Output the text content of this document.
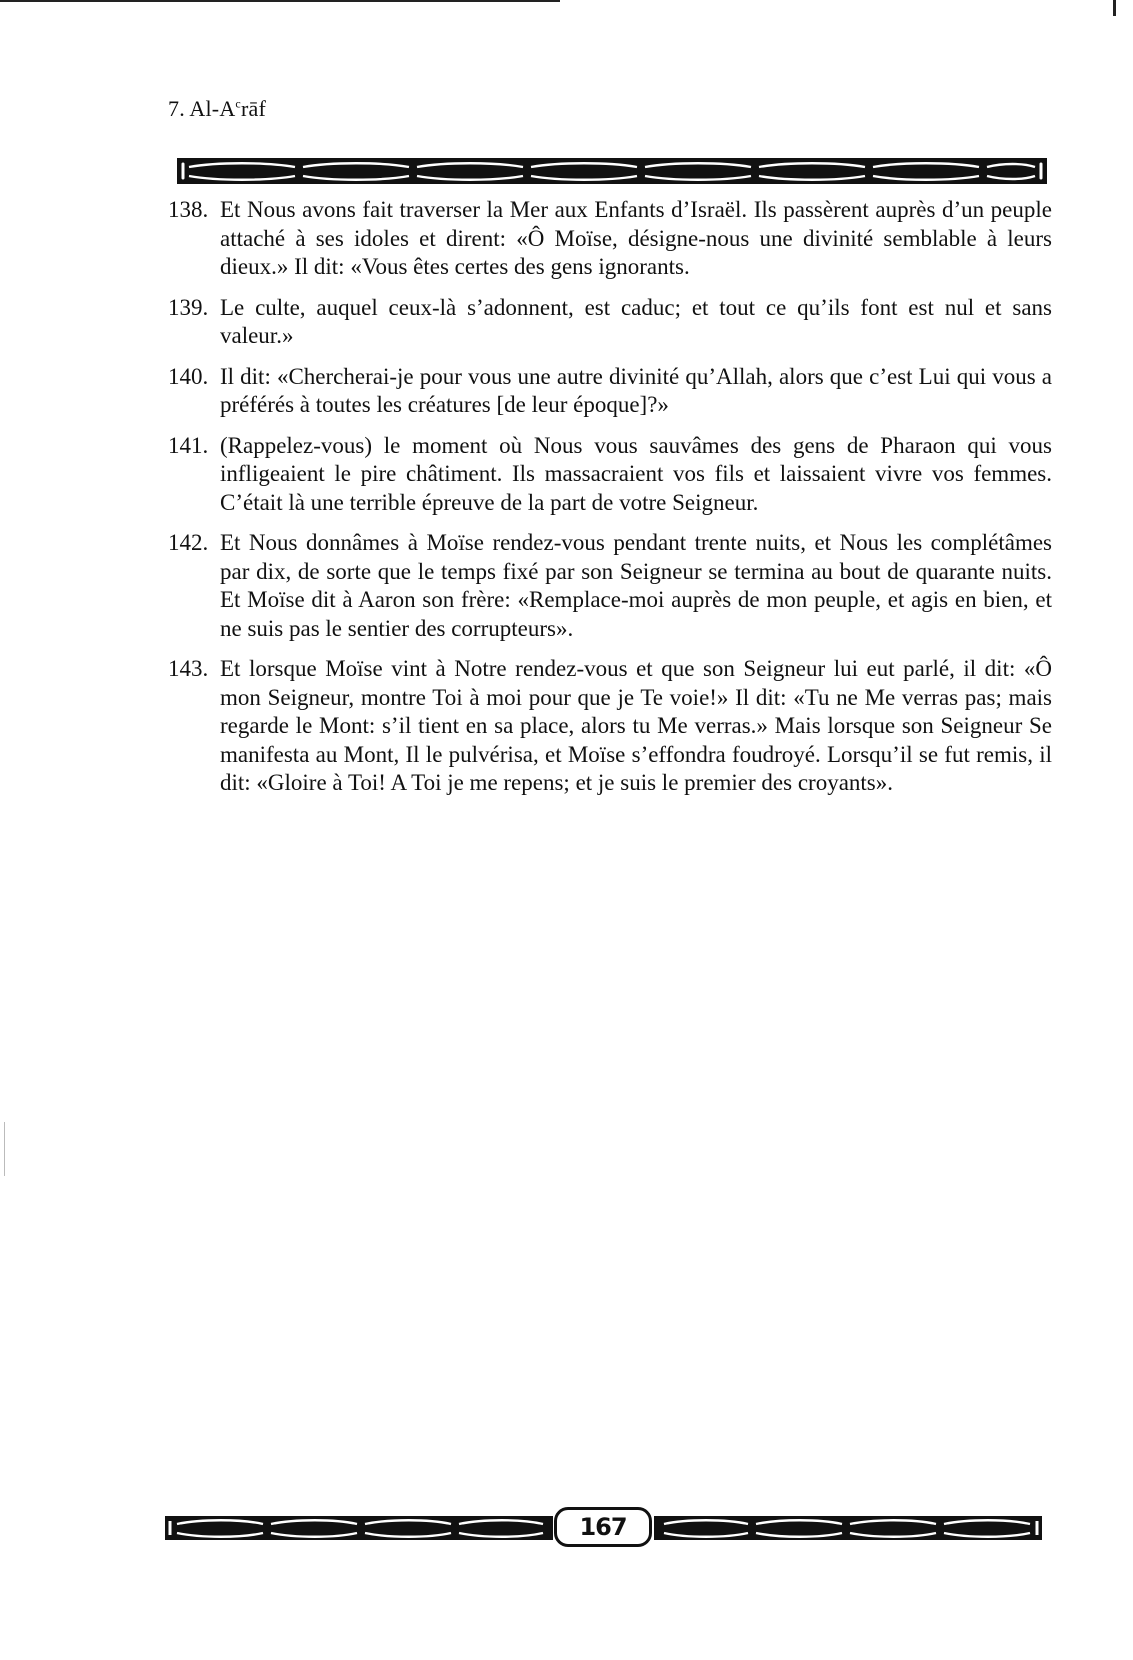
7. $Al-A^crāf$
138. Et Nous avons fait traverser la Mer aux Enfants d’Israël. Ils passèrent auprès d’un peuple attaché à ses idoles et dirent: «Ô Moïse, désigne-nous une divinité semblable à leurs dieux.» Il dit: «Vous êtes certes des gens ignorants.
139. Le culte, auquel ceux-là s’adonnent, est caduc; et tout ce qu’ils font est nul et sans valeur.»
140. Il dit: «Chercherai-je pour vous une autre divinité qu’Allah, alors que c’est Lui qui vous a préférés à toutes les créatures [de leur époque]?»
141. (Rappelez-vous) le moment où Nous vous sauvâmes des gens de Pharaon qui vous infligeaient le pire châtiment. Ils massacraient vos fils et laissaient vivre vos femmes. C’était là une terrible épreuve de la part de votre Seigneur.
142. Et Nous donnâmes à Moïse rendez-vous pendant trente nuits, et Nous les complétâmes par dix, de sorte que le temps fixé par son Seigneur se termina au bout de quarante nuits. Et Moïse dit à Aaron son frère: «Remplace-moi auprès de mon peuple, et agis en bien, et ne suis pas le sentier des corrupteurs».
143. Et lorsque Moïse vint à Notre rendez-vous et que son Seigneur lui eut parlé, il dit: «Ô mon Seigneur, montre Toi à moi pour que je Te voie!» Il dit: «Tu ne Me verras pas; mais regarde le Mont: s’il tient en sa place, alors tu Me verras.» Mais lorsque son Seigneur Se manifesta au Mont, Il le pulvérisa, et Moïse s’effondra foudroyé. Lorsqu’il se fut remis, il dit: «Gloire à Toi! A Toi je me repens; et je suis le premier des croyants».
167
